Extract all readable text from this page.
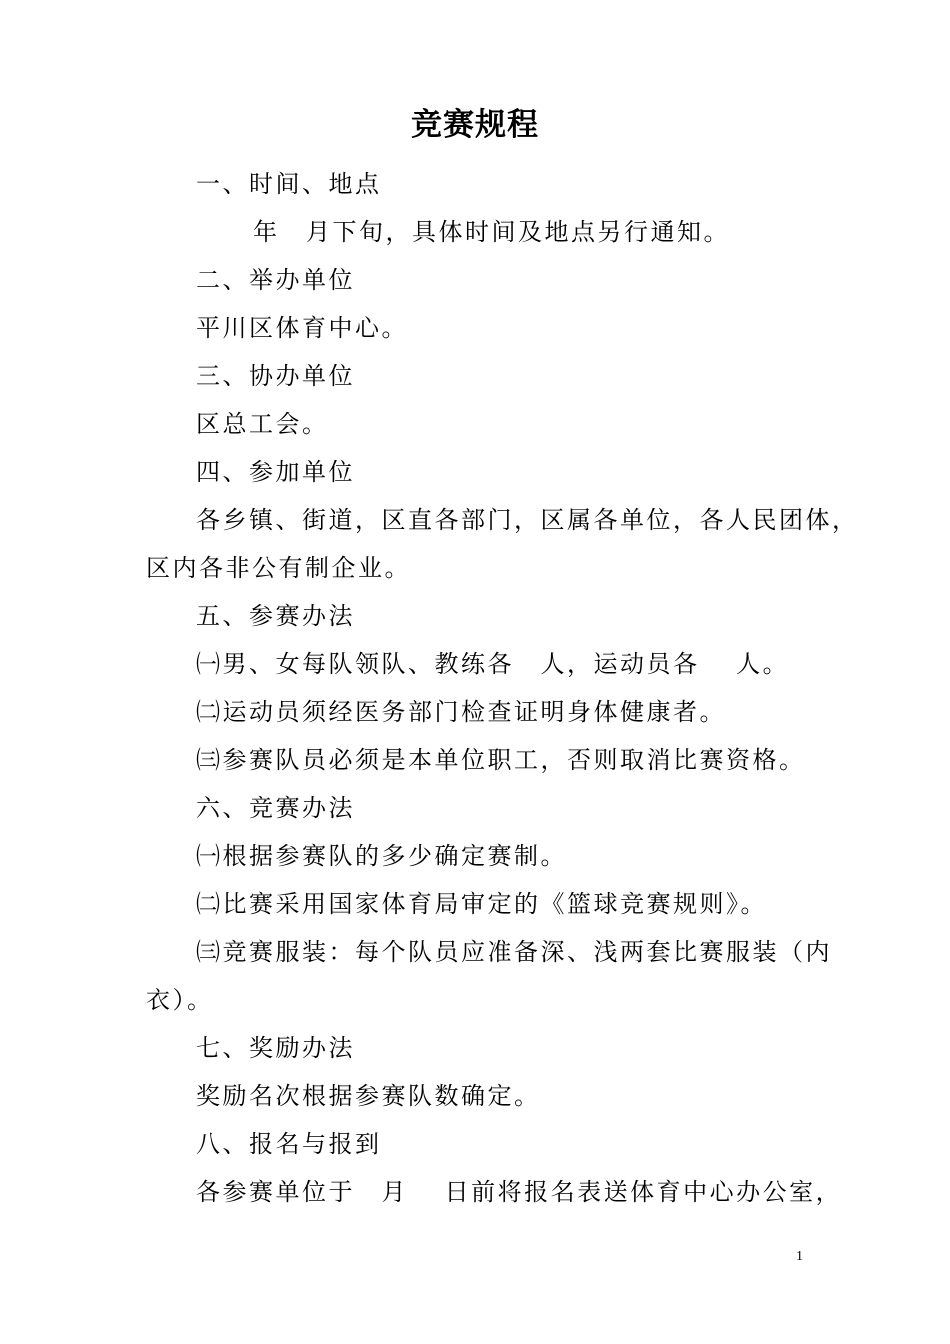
竞赛规程
一、时间、地点
年　月下旬，具体时间及地点另行通知。
二、举办单位
平川区体育中心。
三、协办单位
区总工会。
四、参加单位
各乡镇、街道，区直各部门，区属各单位，各人民团体，
区内各非公有制企业。
五、参赛办法
㈠男、女每队领队、教练各　人，运动员各　 人。
㈡运动员须经医务部门检查证明身体健康者。
㈢参赛队员必须是本单位职工，否则取消比赛资格。
六、竞赛办法
㈠根据参赛队的多少确定赛制。
㈡比赛采用国家体育局审定的《篮球竞赛规则》。
㈢竞赛服装：每个队员应准备深、浅两套比赛服装（内
衣）。
七、奖励办法
奖励名次根据参赛队数确定。
八、报名与报到
各参赛单位于　月　 日前将报名表送体育中心办公室，
1
